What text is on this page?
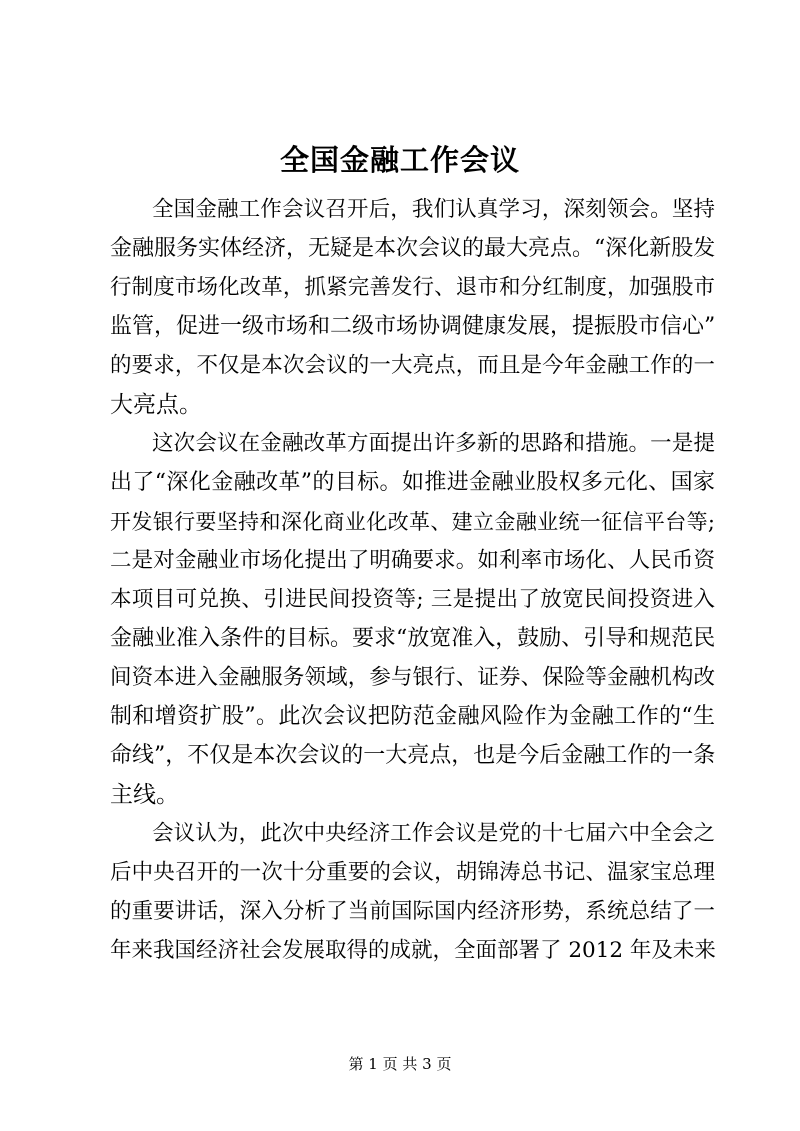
全国金融工作会议
全国金融工作会议召开后，我们认真学习，深刻领会。坚持
金融服务实体经济，无疑是本次会议的最大亮点。“深化新股发
行制度市场化改革，抓紧完善发行、退市和分红制度，加强股市
监管，促进一级市场和二级市场协调健康发展，提振股市信心”
的要求，不仅是本次会议的一大亮点，而且是今年金融工作的一
大亮点。
这次会议在金融改革方面提出许多新的思路和措施。一是提
出了“深化金融改革”的目标。如推进金融业股权多元化、国家
开发银行要坚持和深化商业化改革、建立金融业统一征信平台等;
二是对金融业市场化提出了明确要求。如利率市场化、人民币资
本项目可兑换、引进民间投资等; 三是提出了放宽民间投资进入
金融业准入条件的目标。要求“放宽准入，鼓励、引导和规范民
间资本进入金融服务领域，参与银行、证券、保险等金融机构改
制和增资扩股”。此次会议把防范金融风险作为金融工作的“生
命线”，不仅是本次会议的一大亮点，也是今后金融工作的一条
主线。
会议认为，此次中央经济工作会议是党的十七届六中全会之
后中央召开的一次十分重要的会议，胡锦涛总书记、温家宝总理
的重要讲话，深入分析了当前国际国内经济形势，系统总结了一
年来我国经济社会发展取得的成就，全面部署了 2012 年及未来
第 1 页 共 3 页
